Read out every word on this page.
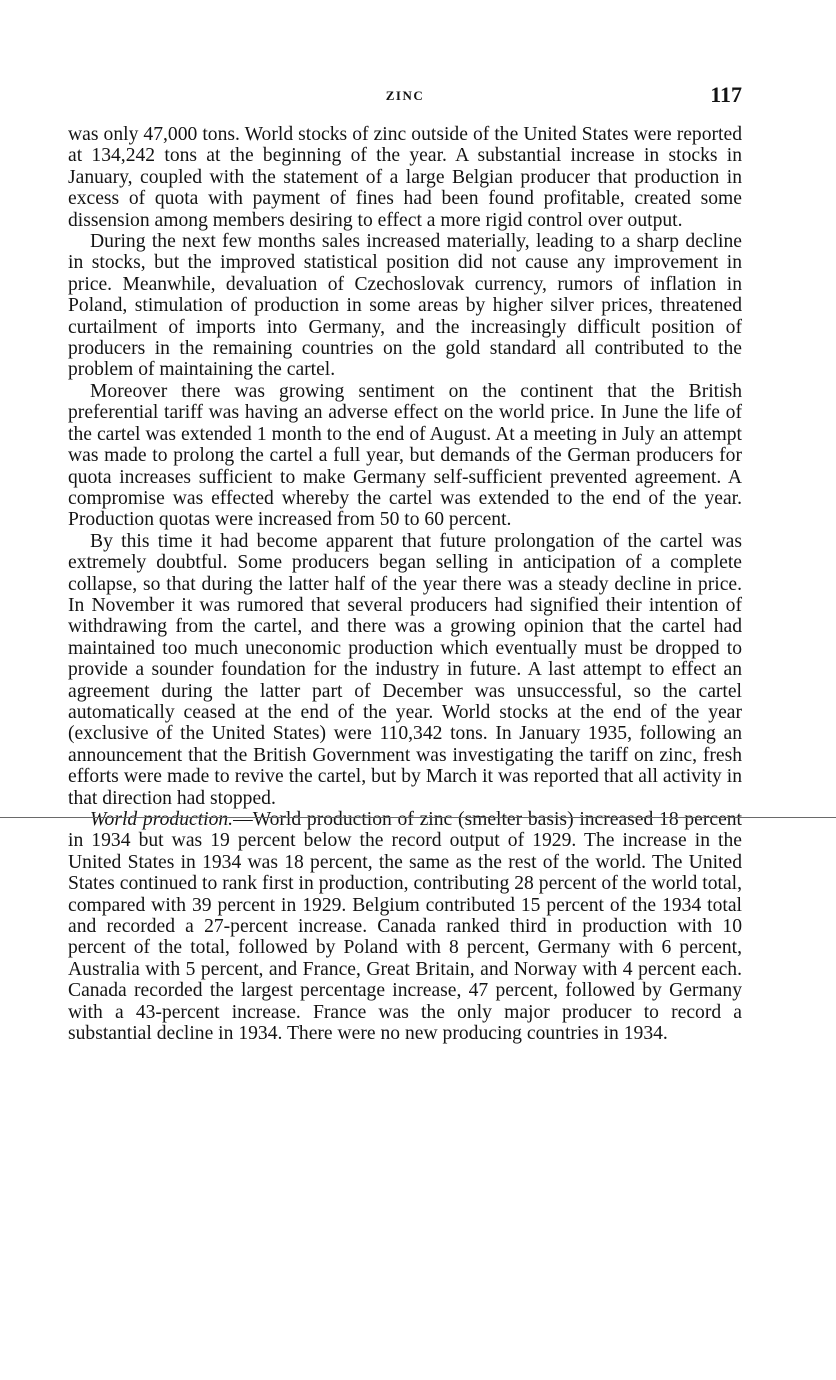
ZINC	117

was only 47,000 tons. World stocks of zinc outside of the United States were reported at 134,242 tons at the beginning of the year. A substantial increase in stocks in January, coupled with the statement of a large Belgian producer that production in excess of quota with payment of fines had been found profitable, created some dissension among members desiring to effect a more rigid control over output.

During the next few months sales increased materially, leading to a sharp decline in stocks, but the improved statistical position did not cause any improvement in price. Meanwhile, devaluation of Czechoslovak currency, rumors of inflation in Poland, stimulation of production in some areas by higher silver prices, threatened curtailment of imports into Germany, and the increasingly difficult position of producers in the remaining countries on the gold standard all contributed to the problem of maintaining the cartel.

Moreover there was growing sentiment on the continent that the British preferential tariff was having an adverse effect on the world price. In June the life of the cartel was extended 1 month to the end of August. At a meeting in July an attempt was made to prolong the cartel a full year, but demands of the German producers for quota increases sufficient to make Germany self-sufficient prevented agreement. A compromise was effected whereby the cartel was extended to the end of the year. Production quotas were increased from 50 to 60 percent.

By this time it had become apparent that future prolongation of the cartel was extremely doubtful. Some producers began selling in anticipation of a complete collapse, so that during the latter half of the year there was a steady decline in price. In November it was rumored that several producers had signified their intention of withdrawing from the cartel, and there was a growing opinion that the cartel had maintained too much uneconomic production which eventually must be dropped to provide a sounder foundation for the industry in future. A last attempt to effect an agreement during the latter part of December was unsuccessful, so the cartel automatically ceased at the end of the year. World stocks at the end of the year (exclusive of the United States) were 110,342 tons. In January 1935, following an announcement that the British Government was investigating the tariff on zinc, fresh efforts were made to revive the cartel, but by March it was reported that all activity in that direction had stopped.

World production.—World production of zinc (smelter basis) increased 18 percent in 1934 but was 19 percent below the record output of 1929. The increase in the United States in 1934 was 18 percent, the same as the rest of the world. The United States continued to rank first in production, contributing 28 percent of the world total, compared with 39 percent in 1929. Belgium contributed 15 percent of the 1934 total and recorded a 27-percent increase. Canada ranked third in production with 10 percent of the total, followed by Poland with 8 percent, Germany with 6 percent, Australia with 5 percent, and France, Great Britain, and Norway with 4 percent each. Canada recorded the largest percentage increase, 47 percent, followed by Germany with a 43-percent increase. France was the only major producer to record a substantial decline in 1934. There were no new producing countries in 1934.
